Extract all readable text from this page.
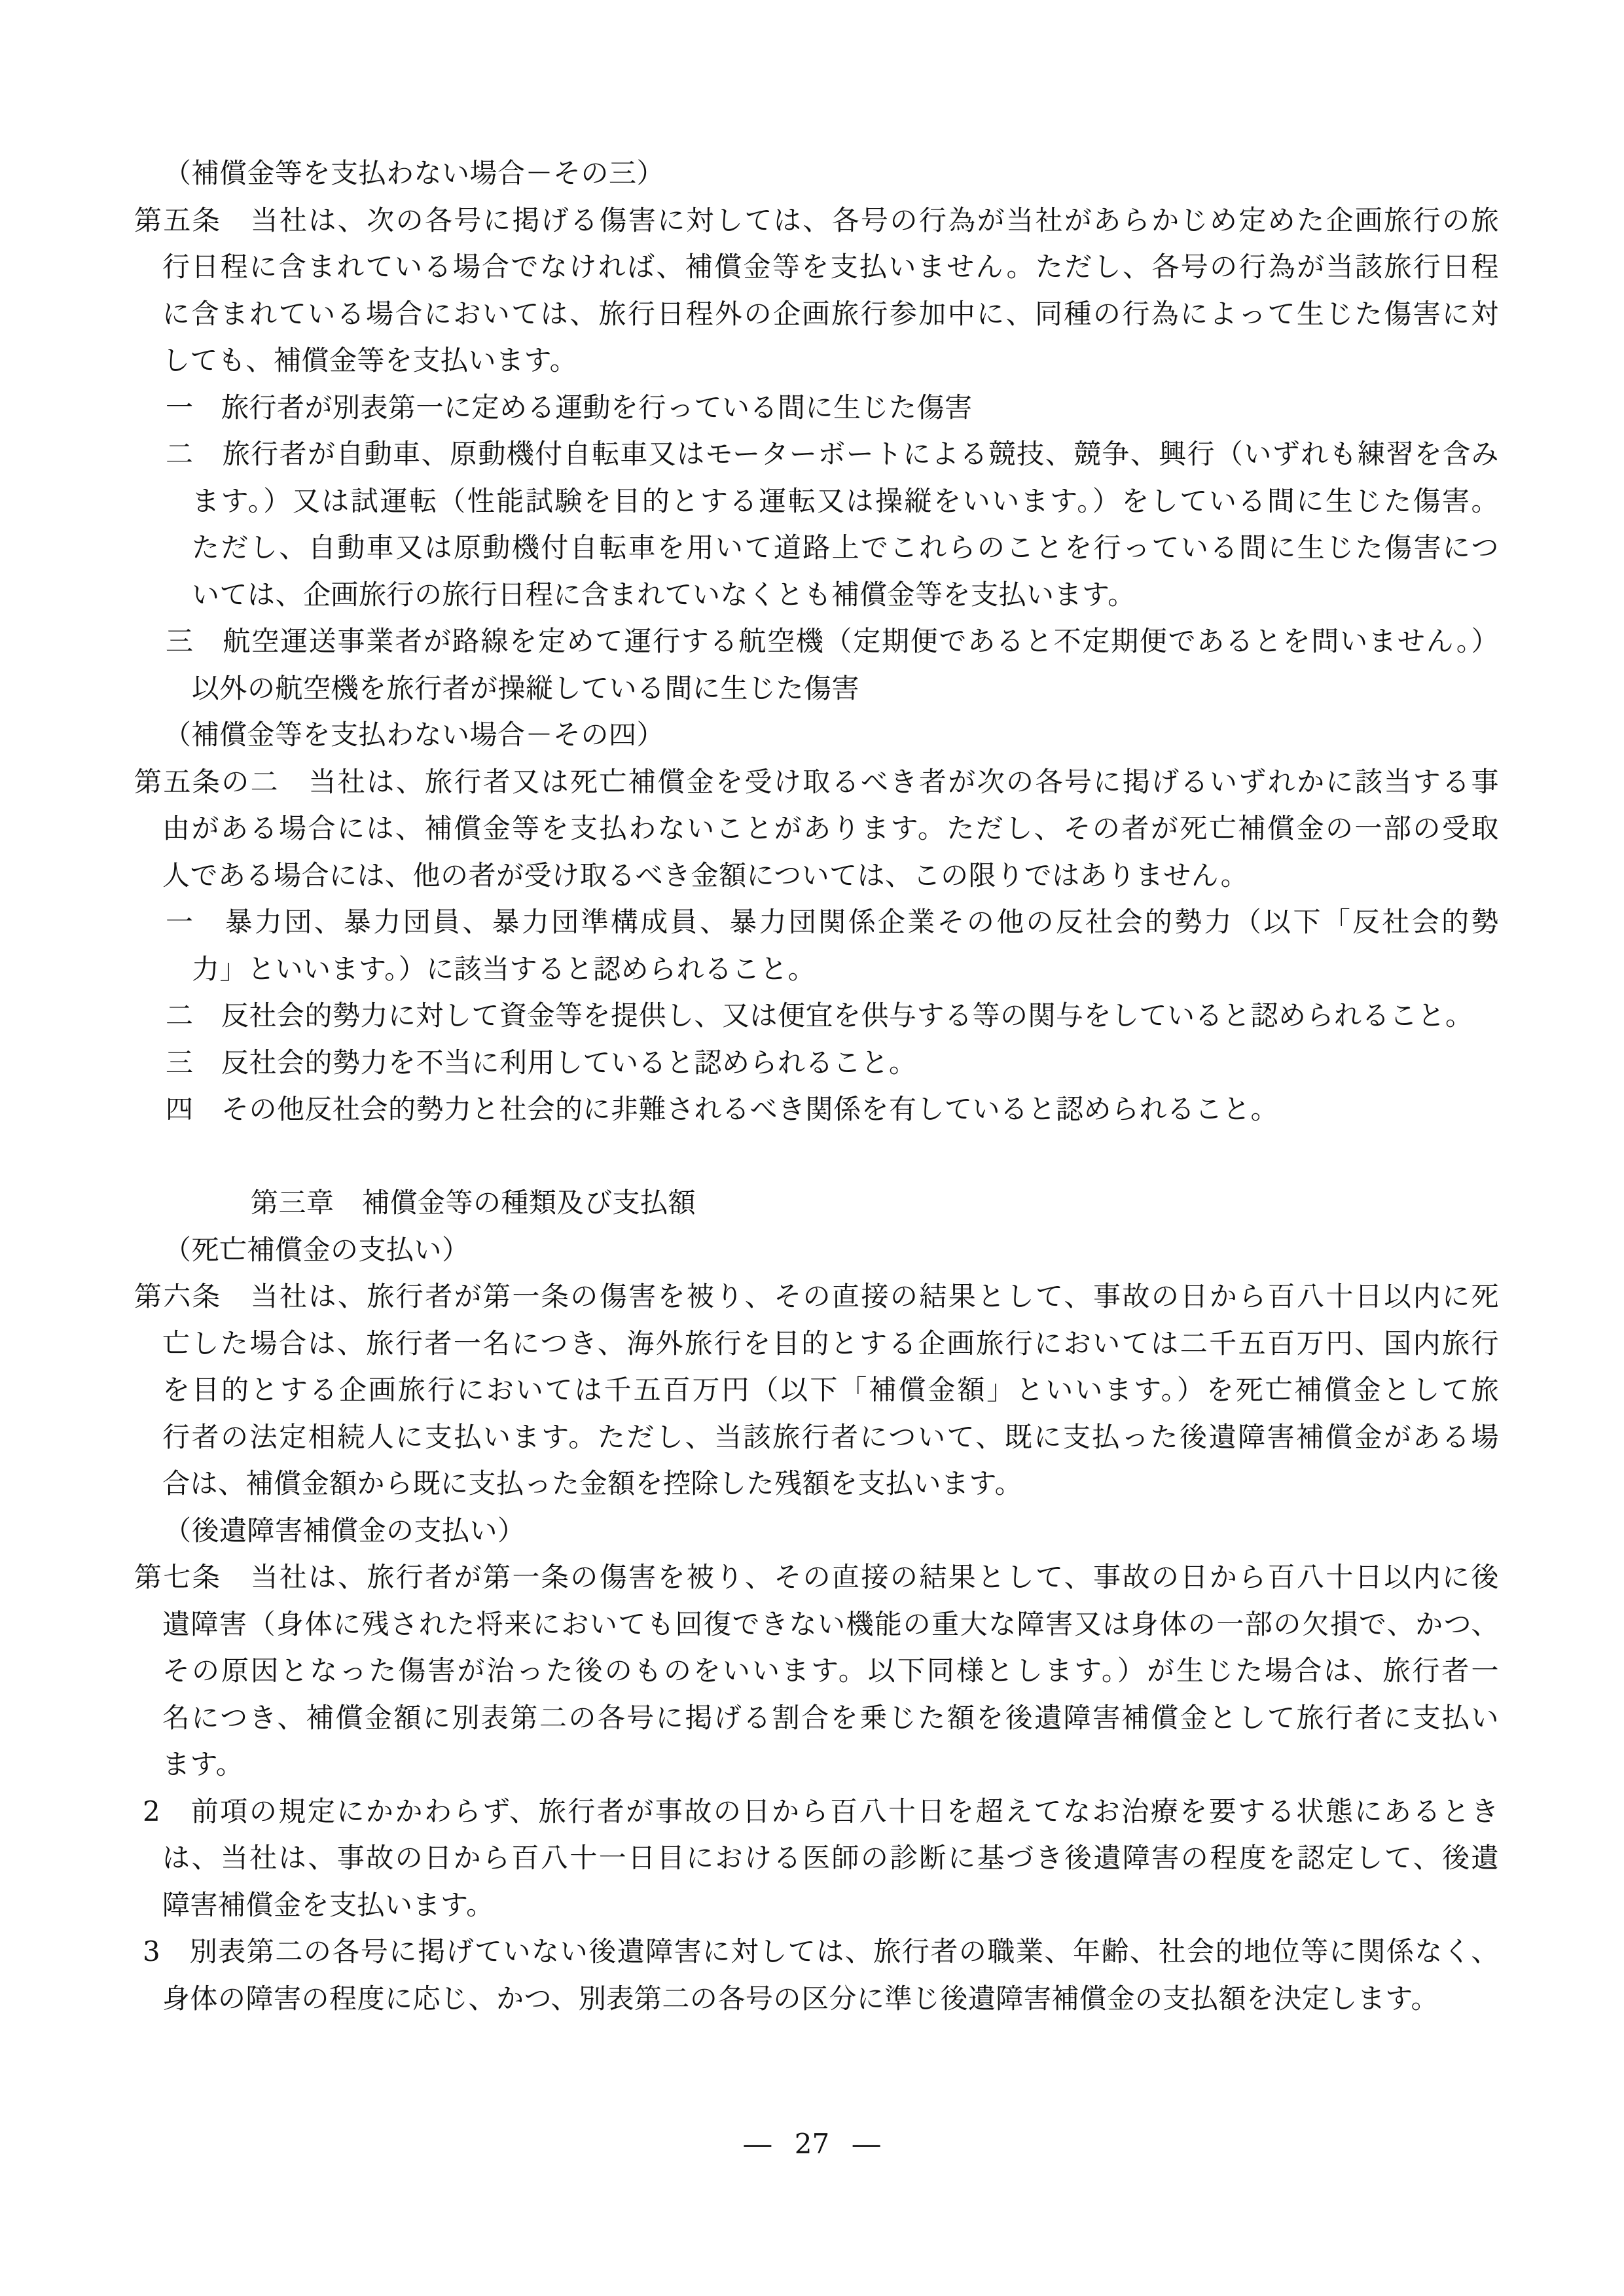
（補償金等を支払わない場合－その三）
第五条　当社は、次の各号に掲げる傷害に対しては、各号の行為が当社があらかじめ定めた企画旅行の旅
行日程に含まれている場合でなければ、補償金等を支払いません。ただし、各号の行為が当該旅行日程
に含まれている場合においては、旅行日程外の企画旅行参加中に、同種の行為によって生じた傷害に対
しても、補償金等を支払います。
一　旅行者が別表第一に定める運動を行っている間に生じた傷害
二　旅行者が自動車、原動機付自転車又はモーターボートによる競技、競争、興行（いずれも練習を含み
ます。）又は試運転（性能試験を目的とする運転又は操縦をいいます。）をしている間に生じた傷害。
ただし、自動車又は原動機付自転車を用いて道路上でこれらのことを行っている間に生じた傷害につ
いては、企画旅行の旅行日程に含まれていなくとも補償金等を支払います。
三　航空運送事業者が路線を定めて運行する航空機（定期便であると不定期便であるとを問いません。）
以外の航空機を旅行者が操縦している間に生じた傷害
（補償金等を支払わない場合－その四）
第五条の二　当社は、旅行者又は死亡補償金を受け取るべき者が次の各号に掲げるいずれかに該当する事
由がある場合には、補償金等を支払わないことがあります。ただし、その者が死亡補償金の一部の受取
人である場合には、他の者が受け取るべき金額については、この限りではありません。
一　暴力団、暴力団員、暴力団準構成員、暴力団関係企業その他の反社会的勢力（以下「反社会的勢
力」といいます。）に該当すると認められること。
二　反社会的勢力に対して資金等を提供し、又は便宜を供与する等の関与をしていると認められること。
三　反社会的勢力を不当に利用していると認められること。
四　その他反社会的勢力と社会的に非難されるべき関係を有していると認められること。
第三章　補償金等の種類及び支払額
（死亡補償金の支払い）
第六条　当社は、旅行者が第一条の傷害を被り、その直接の結果として、事故の日から百八十日以内に死
亡した場合は、旅行者一名につき、海外旅行を目的とする企画旅行においては二千五百万円、国内旅行
を目的とする企画旅行においては千五百万円（以下「補償金額」といいます。）を死亡補償金として旅
行者の法定相続人に支払います。ただし、当該旅行者について、既に支払った後遺障害補償金がある場
合は、補償金額から既に支払った金額を控除した残額を支払います。
（後遺障害補償金の支払い）
第七条　当社は、旅行者が第一条の傷害を被り、その直接の結果として、事故の日から百八十日以内に後
遺障害（身体に残された将来においても回復できない機能の重大な障害又は身体の一部の欠損で、かつ、
その原因となった傷害が治った後のものをいいます。以下同様とします。）が生じた場合は、旅行者一
名につき、補償金額に別表第二の各号に掲げる割合を乗じた額を後遺障害補償金として旅行者に支払い
ます。
2　前項の規定にかかわらず、旅行者が事故の日から百八十日を超えてなお治療を要する状態にあるとき
は、当社は、事故の日から百八十一日目における医師の診断に基づき後遺障害の程度を認定して、後遺
障害補償金を支払います。
3　別表第二の各号に掲げていない後遺障害に対しては、旅行者の職業、年齢、社会的地位等に関係なく、
身体の障害の程度に応じ、かつ、別表第二の各号の区分に準じ後遺障害補償金の支払額を決定します。
― 27 ―
